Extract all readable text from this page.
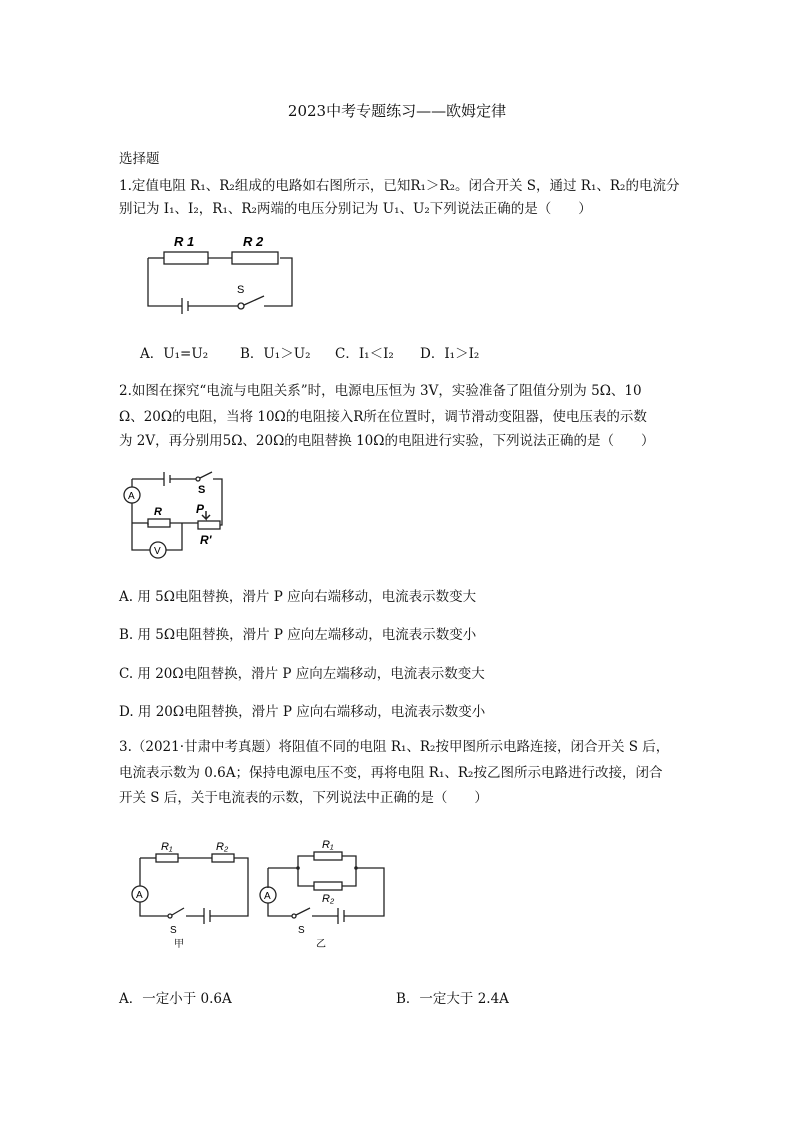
2023中考专题练习——欧姆定律
选择题
1.定值电阻 R₁、R₂组成的电路如右图所示，已知R₁＞R₂。闭合开关 S，通过 R₁、R₂的电流分
别记为 I₁、I₂，R₁、R₂两端的电压分别记为 U₁、U₂下列说法正确的是（　　）
R 1	R 2
S
A．U₁=U₂ B．U₁＞U₂ C．I₁＜I₂ D．I₁＞I₂
2.如图在探究“电流与电阻关系”时，电源电压恒为 3V，实验准备了阻值分别为 5Ω、10
Ω、20Ω的电阻，当将 10Ω的电阻接入R所在位置时，调节滑动变阻器，使电压表的示数
为 2V，再分别用5Ω、20Ω的电阻替换 10Ω的电阻进行实验，下列说法正确的是（　　）
A
S
R	P
R'
V
A. 用 5Ω电阻替换，滑片 P 应向右端移动，电流表示数变大
B. 用 5Ω电阻替换，滑片 P 应向左端移动，电流表示数变小
C. 用 20Ω电阻替换，滑片 P 应向左端移动，电流表示数变大
D. 用 20Ω电阻替换，滑片 P 应向右端移动，电流表示数变小
3.（2021·甘肃中考真题）将阻值不同的电阻 R₁、R₂按甲图所示电路连接，闭合开关 S 后，
电流表示数为 0.6A；保持电源电压不变，再将电阻 R₁、R₂按乙图所示电路进行改接，闭合
开关 S 后，关于电流表的示数，下列说法中正确的是（　　）
A
R₁	R₂
S
甲
A
R₁
R₂
S
乙
A．一定小于 0.6A	B．一定大于 2.4A
